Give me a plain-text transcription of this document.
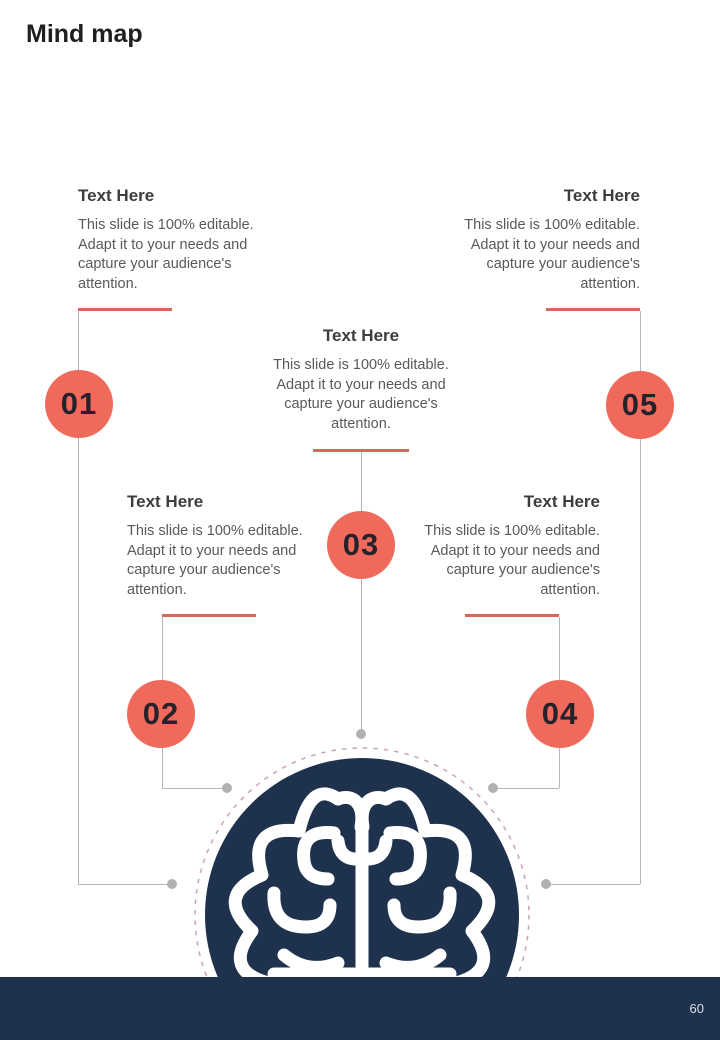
Mind map
Text Here
This slide is 100% editable. Adapt it to your needs and capture your audience's attention.
Text Here
This slide is 100% editable. Adapt it to your needs and capture your audience's attention.
Text Here
This slide is 100% editable. Adapt it to your needs and capture your audience's attention.
Text Here
This slide is 100% editable. Adapt it to your needs and capture your audience's attention.
Text Here
This slide is 100% editable. Adapt it to your needs and capture your audience's attention.
01
02
03
04
05
60
